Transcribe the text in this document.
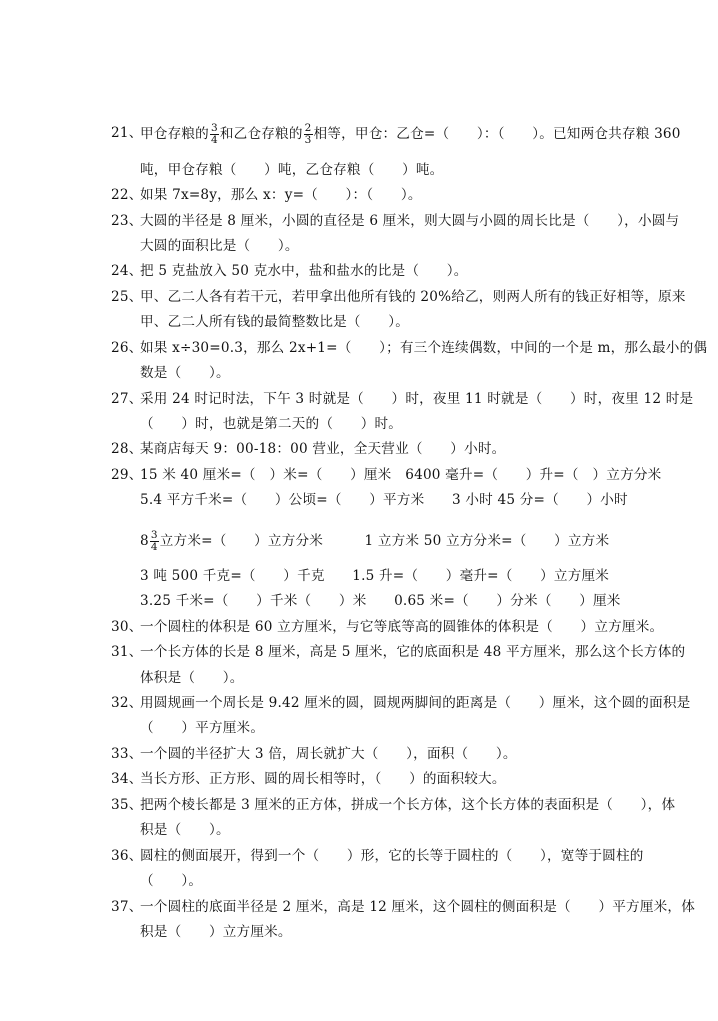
21、
甲仓存粮的 $\frac{3}{4}$ 和乙仓存粮的 $\frac{2}{3}$ 相等，甲仓：乙仓=（　　）：（　　）。已知两仓共存粮 360
吨，甲仓存粮（　　）吨，乙仓存粮（　　）吨。
22、
如果 7x=8y，那么 x：y=（　　）：（　　）。
23、
大圆的半径是 8 厘米，小圆的直径是 6 厘米，则大圆与小圆的周长比是（　　），小圆与
大圆的面积比是（　　）。
24、
把 5 克盐放入 50 克水中，盐和盐水的比是（　　）。
25、
甲、乙二人各有若干元，若甲拿出他所有钱的 20%给乙，则两人所有的钱正好相等，原来
甲、乙二人所有钱的最简整数比是（　　）。
26、
如果 x÷30=0.3，那么 2x+1=（　　）；有三个连续偶数，中间的一个是 m，那么最小的偶
数是（　　）。
27、
采用 24 时记时法，下午 3 时就是（　　）时，夜里 11 时就是（　　）时，夜里 12 时是
（　　）时，也就是第二天的（　　）时。
28、
某商店每天 9：00-18：00 营业，全天营业（　　）小时。
29、
15 米 40 厘米=（　）米=（　　）厘米　6400 毫升=（　　）升=（　）立方分米
5.4 平方千米=（　　）公顷=（　　）平方米　　3 小时 45 分=（　　）小时
$8 \frac{3}{4}$ 立方米=（　　）立方分米　　　1 立方米 50 立方分米=（　　）立方米
3 吨 500 千克=（　　）千克　　1.5 升=（　　）毫升=（　　）立方厘米
3.25 千米=（　　）千米（　　）米　　0.65 米=（　　）分米（　　）厘米
30、
一个圆柱的体积是 60 立方厘米，与它等底等高的圆锥体的体积是（　　）立方厘米。
31、
一个长方体的长是 8 厘米，高是 5 厘米，它的底面积是 48 平方厘米，那么这个长方体的
体积是（　　）。
32、
用圆规画一个周长是 9.42 厘米的圆，圆规两脚间的距离是（　　）厘米，这个圆的面积是
（　　）平方厘米。
33、
一个圆的半径扩大 3 倍，周长就扩大（　　），面积（　　）。
34、
当长方形、正方形、圆的周长相等时，（　　）的面积较大。
35、
把两个棱长都是 3 厘米的正方体，拼成一个长方体，这个长方体的表面积是（　　），体
积是（　　）。
36、
圆柱的侧面展开，得到一个（　　）形，它的长等于圆柱的（　　），宽等于圆柱的
（　　）。
37、
一个圆柱的底面半径是 2 厘米，高是 12 厘米，这个圆柱的侧面积是（　　）平方厘米，体
积是（　　）立方厘米。
